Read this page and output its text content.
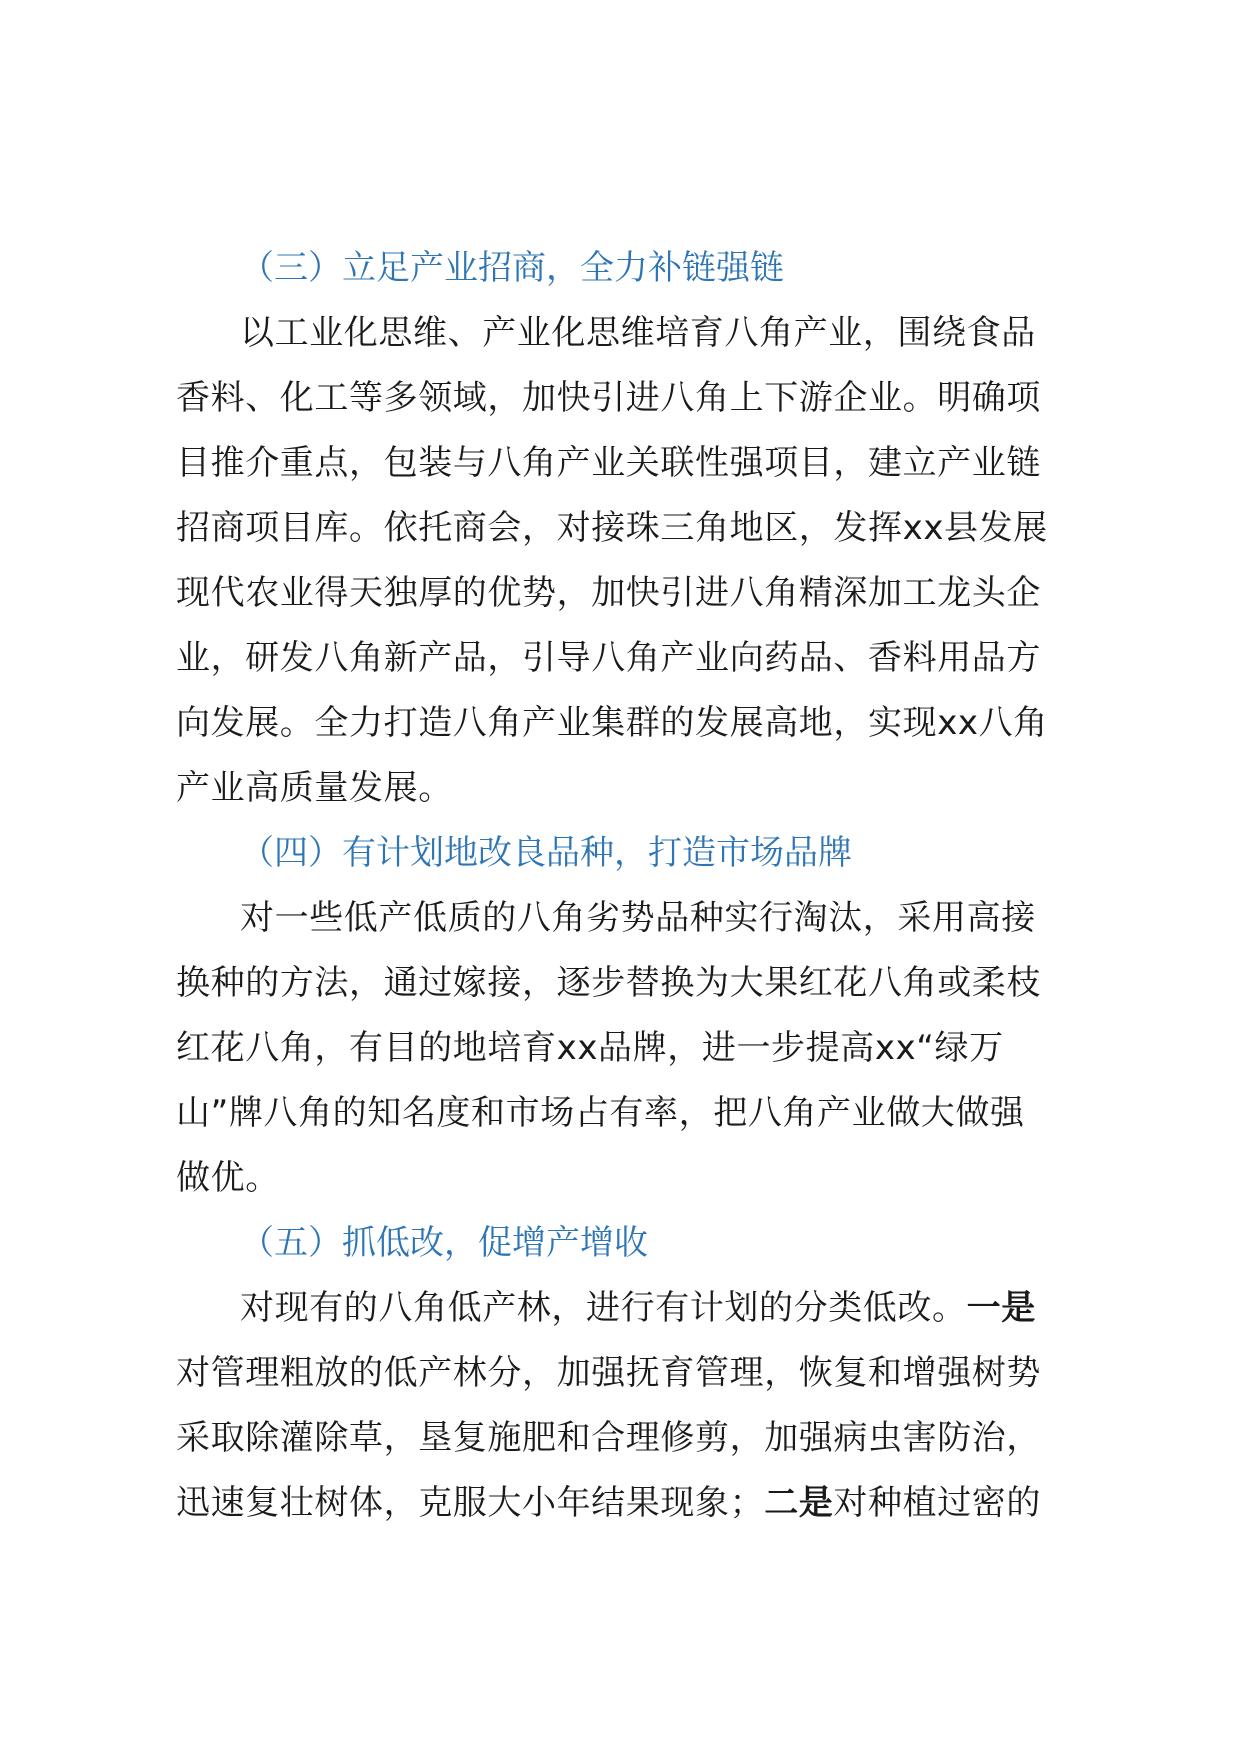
（三）立足产业招商，全力补链强链
以工业化思维、产业化思维培育八角产业，围绕食品
香料、化工等多领域，加快引进八角上下游企业。明确项
目推介重点，包装与八角产业关联性强项目，建立产业链
招商项目库。依托商会，对接珠三角地区，发挥xx县发展
现代农业得天独厚的优势，加快引进八角精深加工龙头企
业，研发八角新产品，引导八角产业向药品、香料用品方
向发展。全力打造八角产业集群的发展高地，实现xx八角
产业高质量发展。
（四）有计划地改良品种，打造市场品牌
对一些低产低质的八角劣势品种实行淘汰，采用高接
换种的方法，通过嫁接，逐步替换为大果红花八角或柔枝
红花八角，有目的地培育xx品牌，进一步提高xx“绿万
山”牌八角的知名度和市场占有率，把八角产业做大做强
做优。
（五）抓低改，促增产增收
对现有的八角低产林，进行有计划的分类低改。一是
对管理粗放的低产林分，加强抚育管理，恢复和增强树势
采取除灌除草，垦复施肥和合理修剪，加强病虫害防治，
迅速复壮树体，克服大小年结果现象；二是对种植过密的
